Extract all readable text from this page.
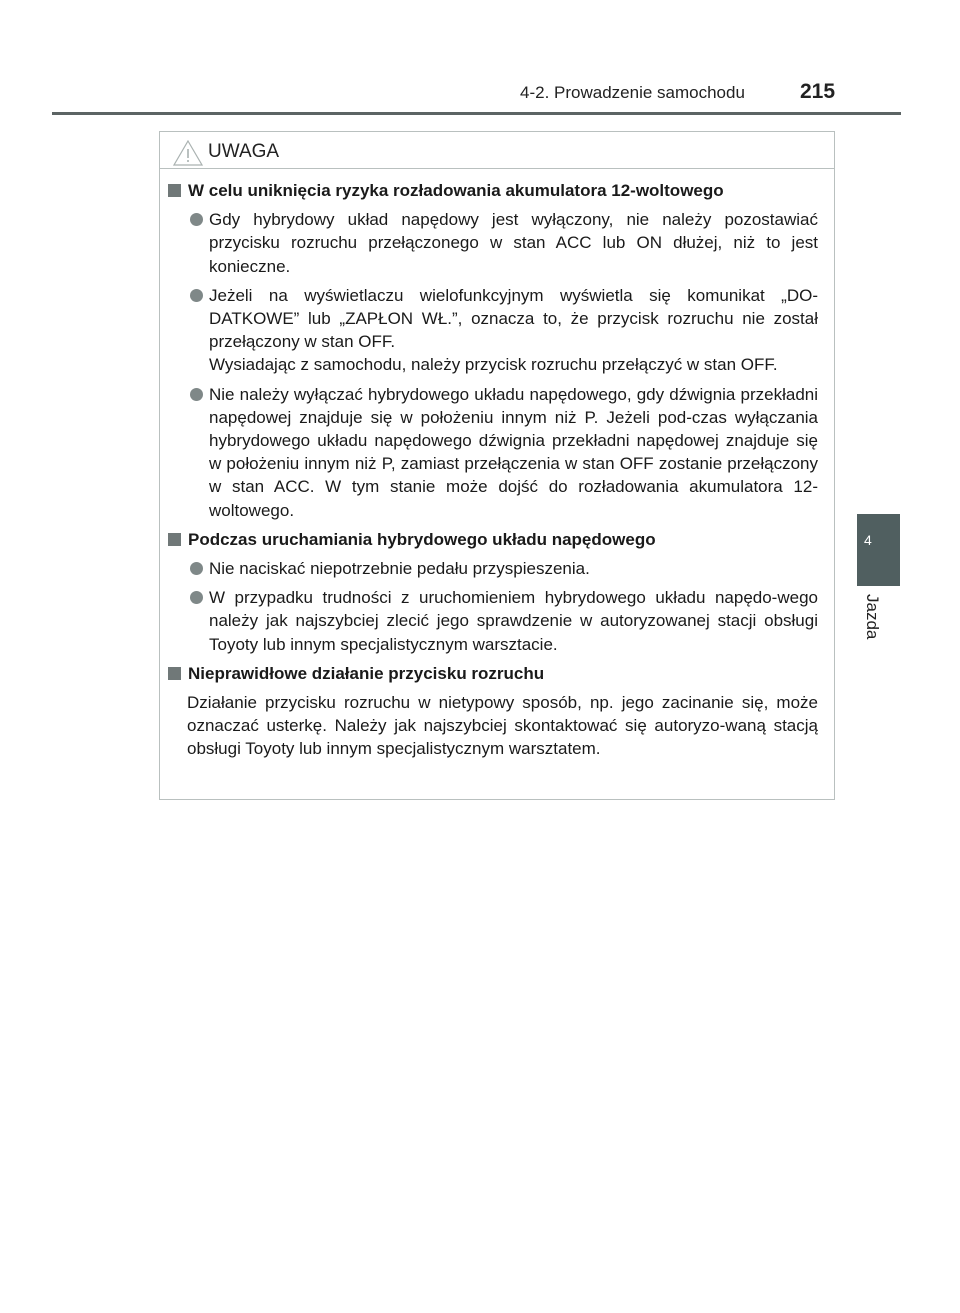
4-2. Prowadzenie samochodu	215
4
Jazda
UWAGA
W celu uniknięcia ryzyka rozładowania akumulatora 12-woltowego
Gdy hybrydowy układ napędowy jest wyłączony, nie należy pozostawiać przycisku rozruchu przełączonego w stan ACC lub ON dłużej, niż to jest konieczne.
Jeżeli na wyświetlaczu wielofunkcyjnym wyświetla się komunikat „DO-DATKOWE” lub „ZAPŁON WŁ.”, oznacza to, że przycisk rozruchu nie został przełączony w stan OFF.
Wysiadając z samochodu, należy przycisk rozruchu przełączyć w stan OFF.
Nie należy wyłączać hybrydowego układu napędowego, gdy dźwignia przekładni napędowej znajduje się w położeniu innym niż P. Jeżeli pod-czas wyłączania hybrydowego układu napędowego dźwignia przekładni napędowej znajduje się w położeniu innym niż P, zamiast przełączenia w stan OFF zostanie przełączony w stan ACC. W tym stanie może dojść do rozładowania akumulatora 12-woltowego.
Podczas uruchamiania hybrydowego układu napędowego
Nie naciskać niepotrzebnie pedału przyspieszenia.
W przypadku trudności z uruchomieniem hybrydowego układu napędo-wego należy jak najszybciej zlecić jego sprawdzenie w autoryzowanej stacji obsługi Toyoty lub innym specjalistycznym warsztacie.
Nieprawidłowe działanie przycisku rozruchu
Działanie przycisku rozruchu w nietypowy sposób, np. jego zacinanie się, może oznaczać usterkę. Należy jak najszybciej skontaktować się autoryzo-waną stacją obsługi Toyoty lub innym specjalistycznym warsztatem.
